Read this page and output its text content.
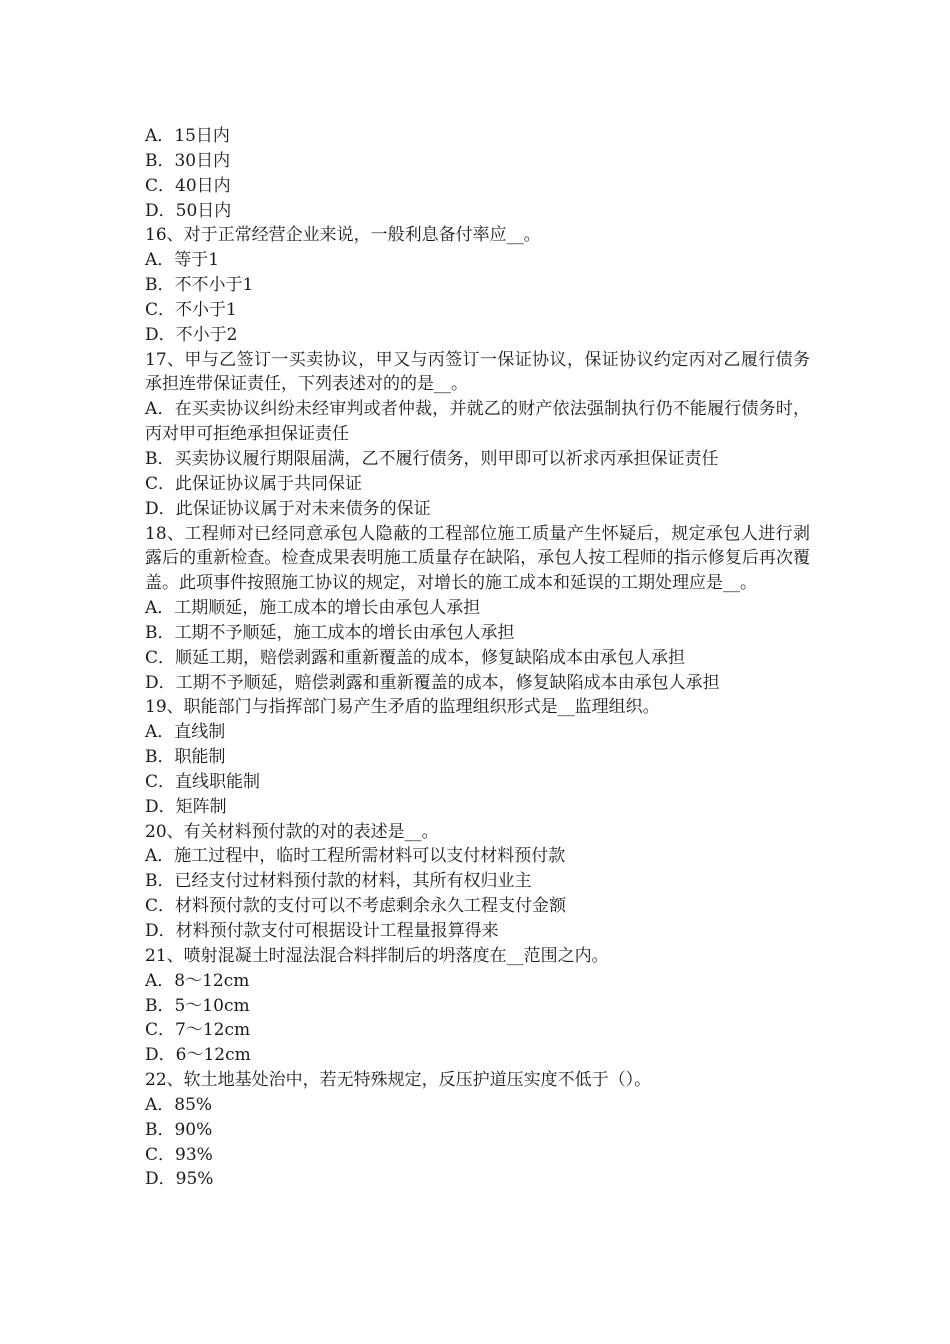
A．15日内

B．30日内

C．40日内

D．50日内

16、对于正常经营企业来说，一般利息备付率应__。

A．等于1

B．不不小于1

C．不小于1

D．不小于2

17、甲与乙签订一买卖协议，甲又与丙签订一保证协议，保证协议约定丙对乙履行债务承担连带保证责任，下列表述对的的是__。

A．在买卖协议纠纷未经审判或者仲裁，并就乙的财产依法强制执行仍不能履行债务时，丙对甲可拒绝承担保证责任

B．买卖协议履行期限届满，乙不履行债务，则甲即可以祈求丙承担保证责任

C．此保证协议属于共同保证

D．此保证协议属于对未来债务的保证

18、工程师对已经同意承包人隐蔽的工程部位施工质量产生怀疑后，规定承包人进行剥露后的重新检查。检查成果表明施工质量存在缺陷，承包人按工程师的指示修复后再次覆盖。此项事件按照施工协议的规定，对增长的施工成本和延误的工期处理应是__。

A．工期顺延，施工成本的增长由承包人承担

B．工期不予顺延，施工成本的增长由承包人承担

C．顺延工期，赔偿剥露和重新覆盖的成本，修复缺陷成本由承包人承担

D．工期不予顺延，赔偿剥露和重新覆盖的成本，修复缺陷成本由承包人承担

19、职能部门与指挥部门易产生矛盾的监理组织形式是__监理组织。

A．直线制

B．职能制

C．直线职能制

D．矩阵制

20、有关材料预付款的对的表述是__。

A．施工过程中，临时工程所需材料可以支付材料预付款

B．已经支付过材料预付款的材料，其所有权归业主

C．材料预付款的支付可以不考虑剩余永久工程支付金额

D．材料预付款支付可根据设计工程量报算得来

21、喷射混凝土时湿法混合料拌制后的坍落度在__范围之内。

A．8～12cm

B．5～10cm

C．7～12cm

D．6～12cm

22、软土地基处治中，若无特殊规定，反压护道压实度不低于（）。

A．85%

B．90%

C．93%

D．95%
